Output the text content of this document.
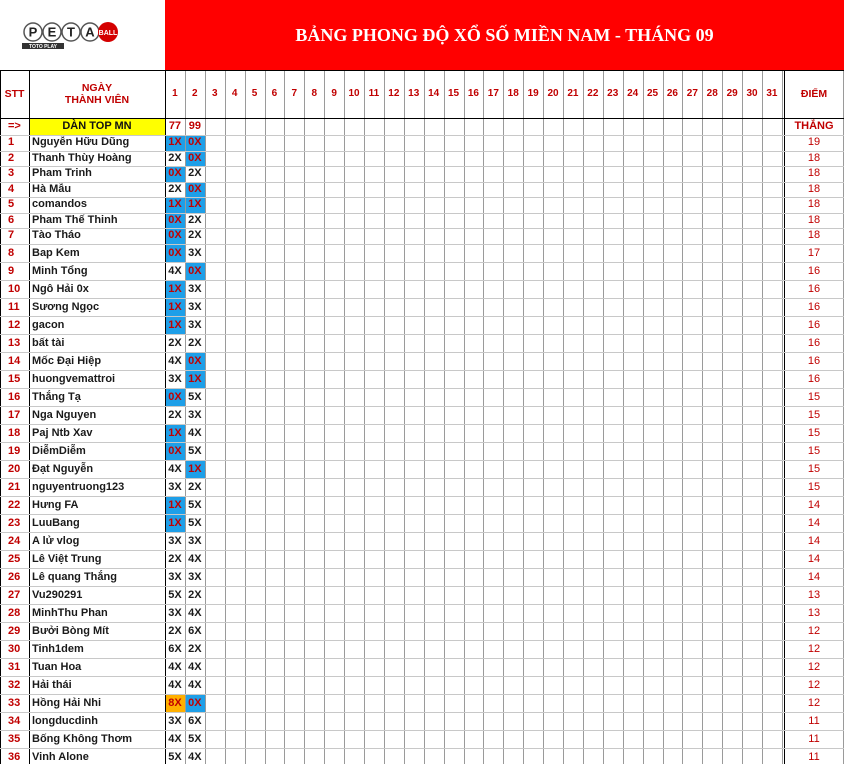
P E T A BALL
TOTO PLAY
BẢNG PHONG ĐỘ XỔ SỐ MIỀN NAM - THÁNG 09
STT	NGÀY
THÀNH VIÊN
1	2	3	4	5	6	7	8	9	10 11 12 13 14 15 16 17 18 19 20 21 22 23 24 25 26 27 28 29 30 31	ĐIỂM
=>	DÀN TOP MN	77 99	THẮNG
1	Nguyễn Hữu Dũng	1X 0X	19
2	Thanh Thùy Hoàng	2X 0X	18
3	Pham Trinh	0X 2X	18
4	Hà Mẫu	2X 0X	18
5	comandos	1X 1X	18
6	Pham Thế Thinh	0X 2X	18
7	Tào Tháo	0X 2X	18
8	Bap Kem	0X 3X	17
9	Minh Tổng	4X 0X	16
10	Ngô Hải 0x	1X 3X	16
11	Sương Ngọc	1X 3X	16
12	gacon	1X 3X	16
13	bất tài	2X 2X	16
14	Mốc Đại Hiệp	4X 0X	16
15	huongvemattroi	3X 1X	16
16	Thắng Tạ	0X 5X	15
17	Nga Nguyen	2X 3X	15
18	Paj Ntb Xav	1X 4X	15
19	DiễmDiễm	0X 5X	15
20	Đạt Nguyễn	4X 1X	15
21	nguyentruong123	3X 2X	15
22	Hưng FA	1X 5X	14
23	LuuBang	1X 5X	14
24	A lử vlog	3X 3X	14
25	Lê Việt Trung	2X 4X	14
26	Lê quang Thắng	3X 3X	14
27	Vu290291	5X 2X	13
28	MinhThu Phan	3X 4X	13
29	Bưởi Bòng Mít	2X 6X	12
30	Tinh1dem	6X 2X	12
31	Tuan Hoa	4X 4X	12
32	Hải thái	4X 4X	12
33	Hồng Hải Nhi	8X 0X	12
34	longducdinh	3X 6X	11
35	Bống Không Thơm	4X 5X	11
36	Vinh Alone	5X 4X	11
